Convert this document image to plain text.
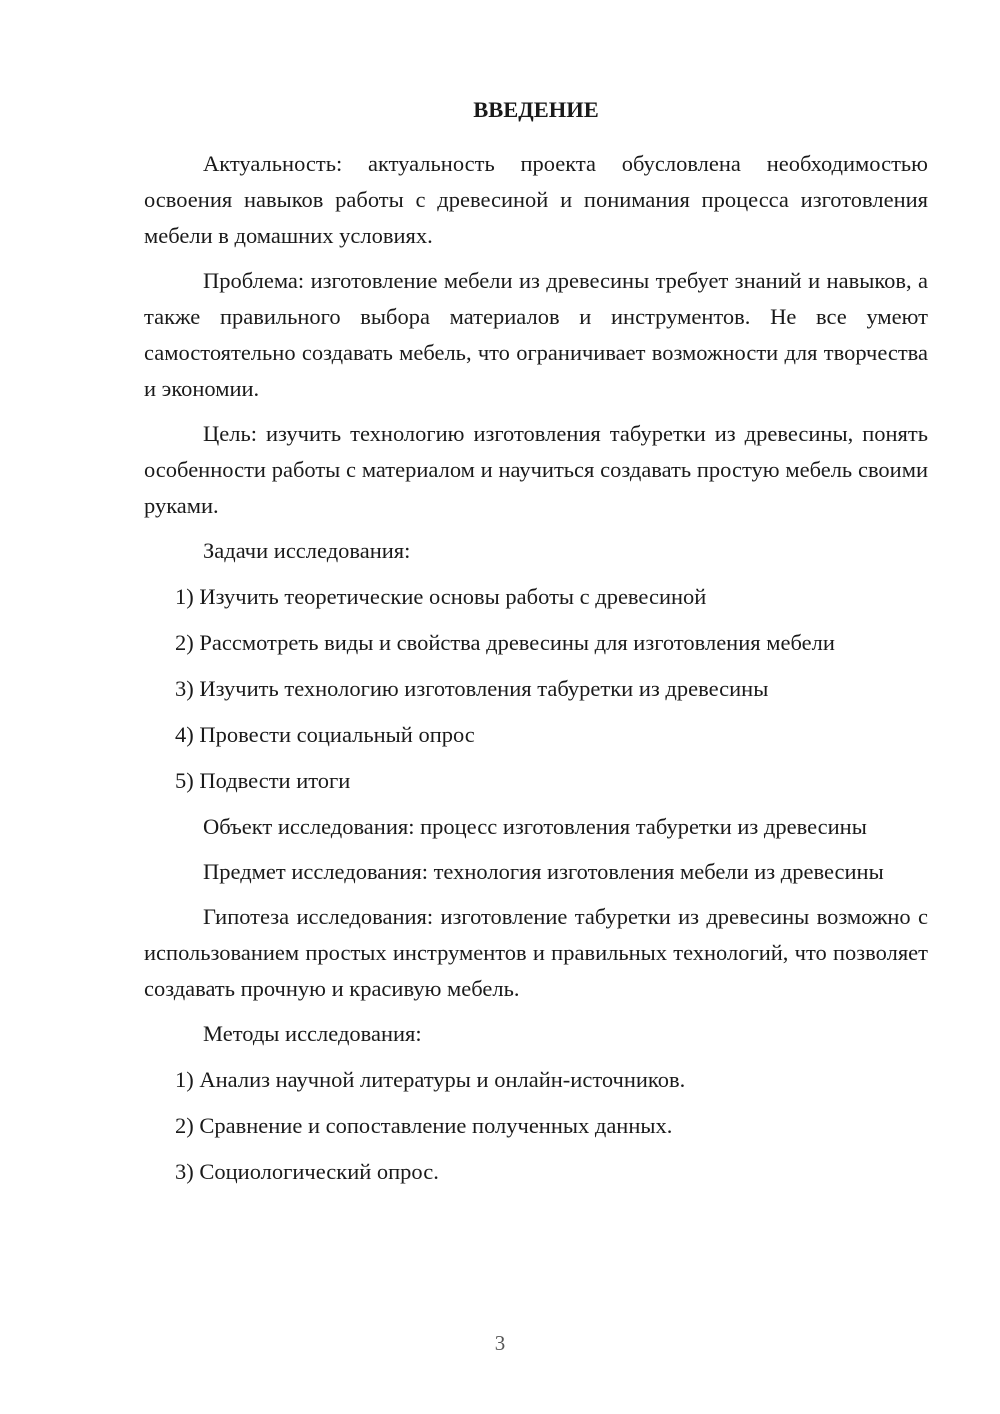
ВВЕДЕНИЕ
Актуальность: актуальность проекта обусловлена необходимостью освоения навыков работы с древесиной и понимания процесса изготовления мебели в домашних условиях.
Проблема: изготовление мебели из древесины требует знаний и навыков, а также правильного выбора материалов и инструментов. Не все умеют самостоятельно создавать мебель, что ограничивает возможности для творчества и экономии.
Цель: изучить технологию изготовления табуретки из древесины, понять особенности работы с материалом и научиться создавать простую мебель своими руками.
Задачи исследования:
1) Изучить теоретические основы работы с древесиной
2) Рассмотреть виды и свойства древесины для изготовления мебели
3) Изучить технологию изготовления табуретки из древесины
4) Провести социальный опрос
5) Подвести итоги
Объект исследования: процесс изготовления табуретки из древесины
Предмет исследования: технология изготовления мебели из древесины
Гипотеза исследования: изготовление табуретки из древесины возможно с использованием простых инструментов и правильных технологий, что позволяет создавать прочную и красивую мебель.
Методы исследования:
1) Анализ научной литературы и онлайн-источников.
2) Сравнение и сопоставление полученных данных.
3) Социологический опрос.
3
